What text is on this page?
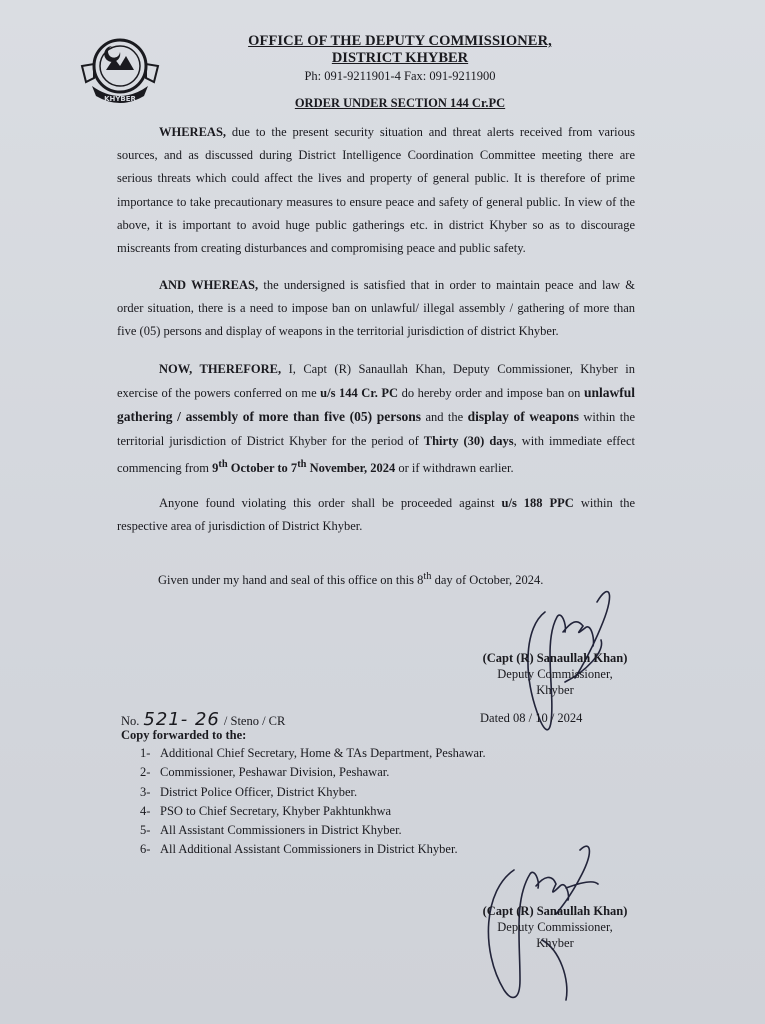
KHYBER
OFFICE OF THE DEPUTY COMMISSIONER,
DISTRICT KHYBER
Ph: 091-9211901-4 Fax: 091-9211900
ORDER UNDER SECTION 144 Cr.PC
WHEREAS, due to the present security situation and threat alerts received from various sources, and as discussed during District Intelligence Coordination Committee meeting there are serious threats which could affect the lives and property of general public. It is therefore of prime importance to take precautionary measures to ensure peace and safety of general public. In view of the above, it is important to avoid huge public gatherings etc. in district Khyber so as to discourage miscreants from creating disturbances and compromising peace and public safety.
AND WHEREAS, the undersigned is satisfied that in order to maintain peace and law & order situation, there is a need to impose ban on unlawful/ illegal assembly / gathering of more than five (05) persons and display of weapons in the territorial jurisdiction of district Khyber.
NOW, THEREFORE, I, Capt (R) Sanaullah Khan, Deputy Commissioner, Khyber in exercise of the powers conferred on me u/s 144 Cr. PC do hereby order and impose ban on unlawful gathering / assembly of more than five (05) persons and the display of weapons within the territorial jurisdiction of District Khyber for the period of Thirty (30) days, with immediate effect commencing from 9th October to 7th November, 2024 or if withdrawn earlier.
Anyone found violating this order shall be proceeded against u/s 188 PPC within the respective area of jurisdiction of District Khyber.
Given under my hand and seal of this office on this 8th day of October, 2024.
(Capt (R) Sanaullah Khan)
Deputy Commissioner,
Khyber
No. 521- 26 / Steno / CR	Dated 08 / 10 / 2024
Copy forwarded to the:
1- Additional Chief Secretary, Home & TAs Department, Peshawar.
2- Commissioner, Peshawar Division, Peshawar.
3- District Police Officer, District Khyber.
4- PSO to Chief Secretary, Khyber Pakhtunkhwa
5- All Assistant Commissioners in District Khyber.
6- All Additional Assistant Commissioners in District Khyber.
(Capt (R) Sanaullah Khan)
Deputy Commissioner,
Khyber
